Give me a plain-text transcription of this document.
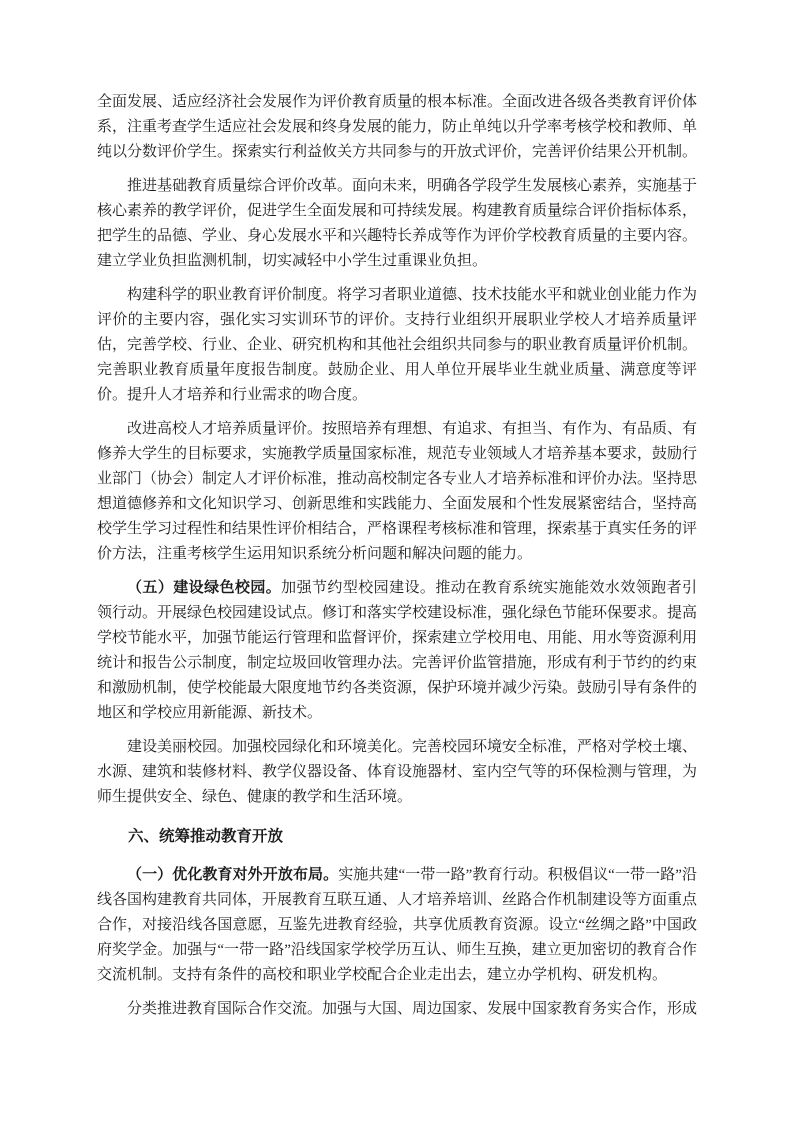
全面发展、适应经济社会发展作为评价教育质量的根本标准。全面改进各级各类教育评价体系，注重考查学生适应社会发展和终身发展的能力，防止单纯以升学率考核学校和教师、单纯以分数评价学生。探索实行利益攸关方共同参与的开放式评价，完善评价结果公开机制。

推进基础教育质量综合评价改革。面向未来，明确各学段学生发展核心素养，实施基于核心素养的教学评价，促进学生全面发展和可持续发展。构建教育质量综合评价指标体系，把学生的品德、学业、身心发展水平和兴趣特长养成等作为评价学校教育质量的主要内容。建立学业负担监测机制，切实减轻中小学生过重课业负担。

构建科学的职业教育评价制度。将学习者职业道德、技术技能水平和就业创业能力作为评价的主要内容，强化实习实训环节的评价。支持行业组织开展职业学校人才培养质量评估，完善学校、行业、企业、研究机构和其他社会组织共同参与的职业教育质量评价机制。完善职业教育质量年度报告制度。鼓励企业、用人单位开展毕业生就业质量、满意度等评价。提升人才培养和行业需求的吻合度。

改进高校人才培养质量评价。按照培养有理想、有追求、有担当、有作为、有品质、有修养大学生的目标要求，实施教学质量国家标准，规范专业领域人才培养基本要求，鼓励行业部门（协会）制定人才评价标准，推动高校制定各专业人才培养标准和评价办法。坚持思想道德修养和文化知识学习、创新思维和实践能力、全面发展和个性发展紧密结合，坚持高校学生学习过程性和结果性评价相结合，严格课程考核标准和管理，探索基于真实任务的评价方法，注重考核学生运用知识系统分析问题和解决问题的能力。

（五）建设绿色校园。加强节约型校园建设。推动在教育系统实施能效水效领跑者引领行动。开展绿色校园建设试点。修订和落实学校建设标准，强化绿色节能环保要求。提高学校节能水平，加强节能运行管理和监督评价，探索建立学校用电、用能、用水等资源利用统计和报告公示制度，制定垃圾回收管理办法。完善评价监管措施，形成有利于节约的约束和激励机制，使学校能最大限度地节约各类资源，保护环境并减少污染。鼓励引导有条件的地区和学校应用新能源、新技术。

建设美丽校园。加强校园绿化和环境美化。完善校园环境安全标准，严格对学校土壤、水源、建筑和装修材料、教学仪器设备、体育设施器材、室内空气等的环保检测与管理，为师生提供安全、绿色、健康的教学和生活环境。

六、统筹推动教育开放

（一）优化教育对外开放布局。实施共建“一带一路”教育行动。积极倡议“一带一路”沿线各国构建教育共同体，开展教育互联互通、人才培养培训、丝路合作机制建设等方面重点合作，对接沿线各国意愿，互鉴先进教育经验，共享优质教育资源。设立“丝绸之路”中国政府奖学金。加强与“一带一路”沿线国家学校学历互认、师生互换，建立更加密切的教育合作交流机制。支持有条件的高校和职业学校配合企业走出去，建立办学机构、研发机构。

分类推进教育国际合作交流。加强与大国、周边国家、发展中国家教育务实合作，形成
